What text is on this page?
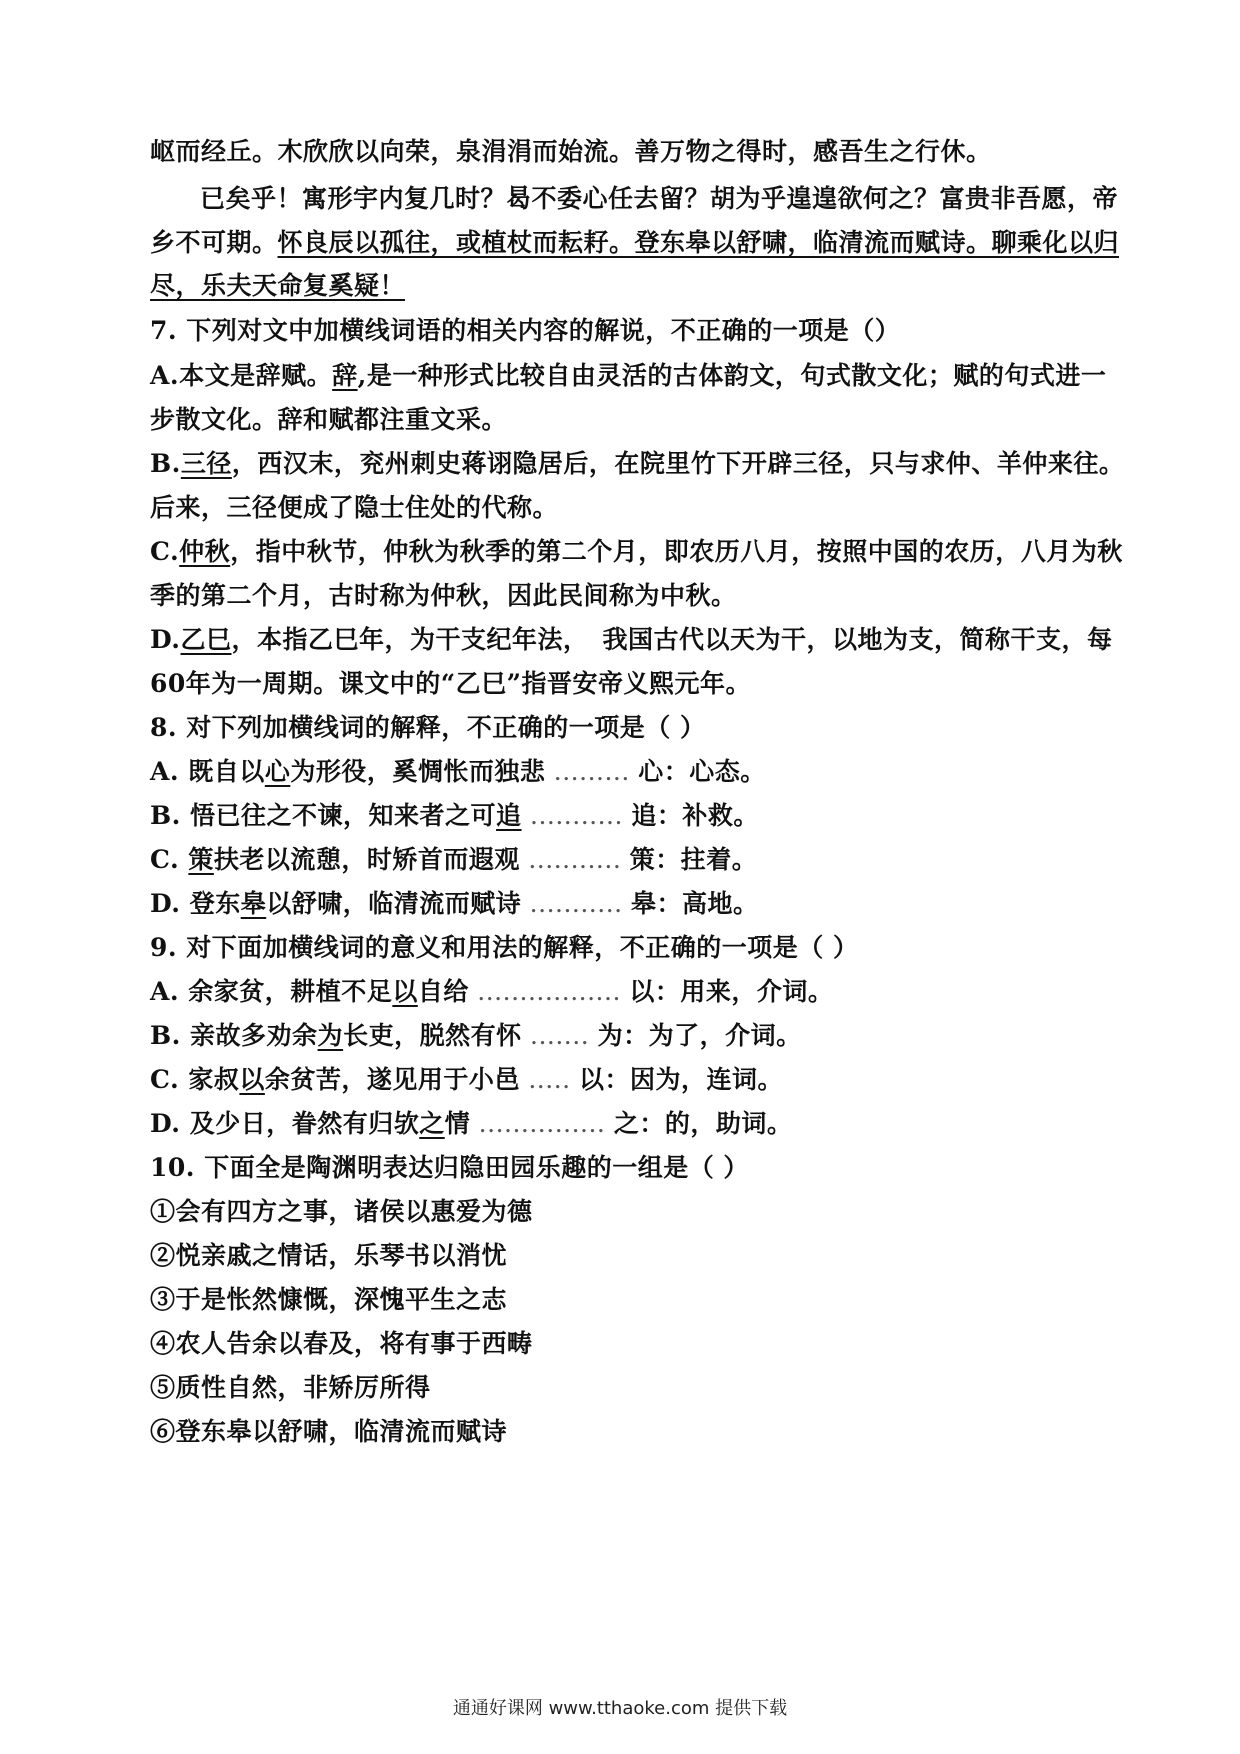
岖而经丘。木欣欣以向荣，泉涓涓而始流。善万物之得时，感吾生之行休。
已矣乎！寓形宇内复几时？曷不委心任去留？胡为乎遑遑欲何之？富贵非吾愿，帝
乡不可期。怀良辰以孤往，或植杖而耘耔。登东皋以舒啸，临清流而赋诗。聊乘化以归
尽，乐夫天命复奚疑！
7. 下列对文中加横线词语的相关内容的解说，不正确的一项是（）
A.本文是辞赋。辞,是一种形式比较自由灵活的古体韵文，句式散文化；赋的句式进一
步散文化。辞和赋都注重文采。
B.三径，西汉末，兖州刺史蒋诩隐居后，在院里竹下开辟三径，只与求仲、羊仲来往。
后来，三径便成了隐士住处的代称。
C.仲秋，指中秋节，仲秋为秋季的第二个月，即农历八月，按照中国的农历，八月为秋
季的第二个月，古时称为仲秋，因此民间称为中秋。
D.乙巳，本指乙巳年，为干支纪年法， 我国古代以天为干，以地为支，简称干支，每
60年为一周期。课文中的“乙巳”指晋安帝义熙元年。
8. 对下列加横线词的解释，不正确的一项是（ ）
A. 既自以心为形役，奚惆怅而独悲 ......... 心：心态。
B. 悟已往之不谏，知来者之可追 ........... 追：补救。
C. 策扶老以流憩，时矫首而遐观 ........... 策：拄着。
D. 登东皋以舒啸，临清流而赋诗 ........... 皋：高地。
9. 对下面加横线词的意义和用法的解释，不正确的一项是（ ）
A. 余家贫，耕植不足以自给 ................. 以：用来，介词。
B. 亲故多劝余为长吏，脱然有怀 ....... 为：为了，介词。
C. 家叔以余贫苦，遂见用于小邑 ..... 以：因为，连词。
D. 及少日，眷然有归欤之情 ............... 之：的，助词。
10. 下面全是陶渊明表达归隐田园乐趣的一组是（ ）
①会有四方之事，诸侯以惠爱为德
②悦亲戚之情话，乐琴书以消忧
③于是怅然慷慨，深愧平生之志
④农人告余以春及，将有事于西畴
⑤质性自然，非矫厉所得
⑥登东皋以舒啸，临清流而赋诗
通通好课网 www.tthaoke.com 提供下载
